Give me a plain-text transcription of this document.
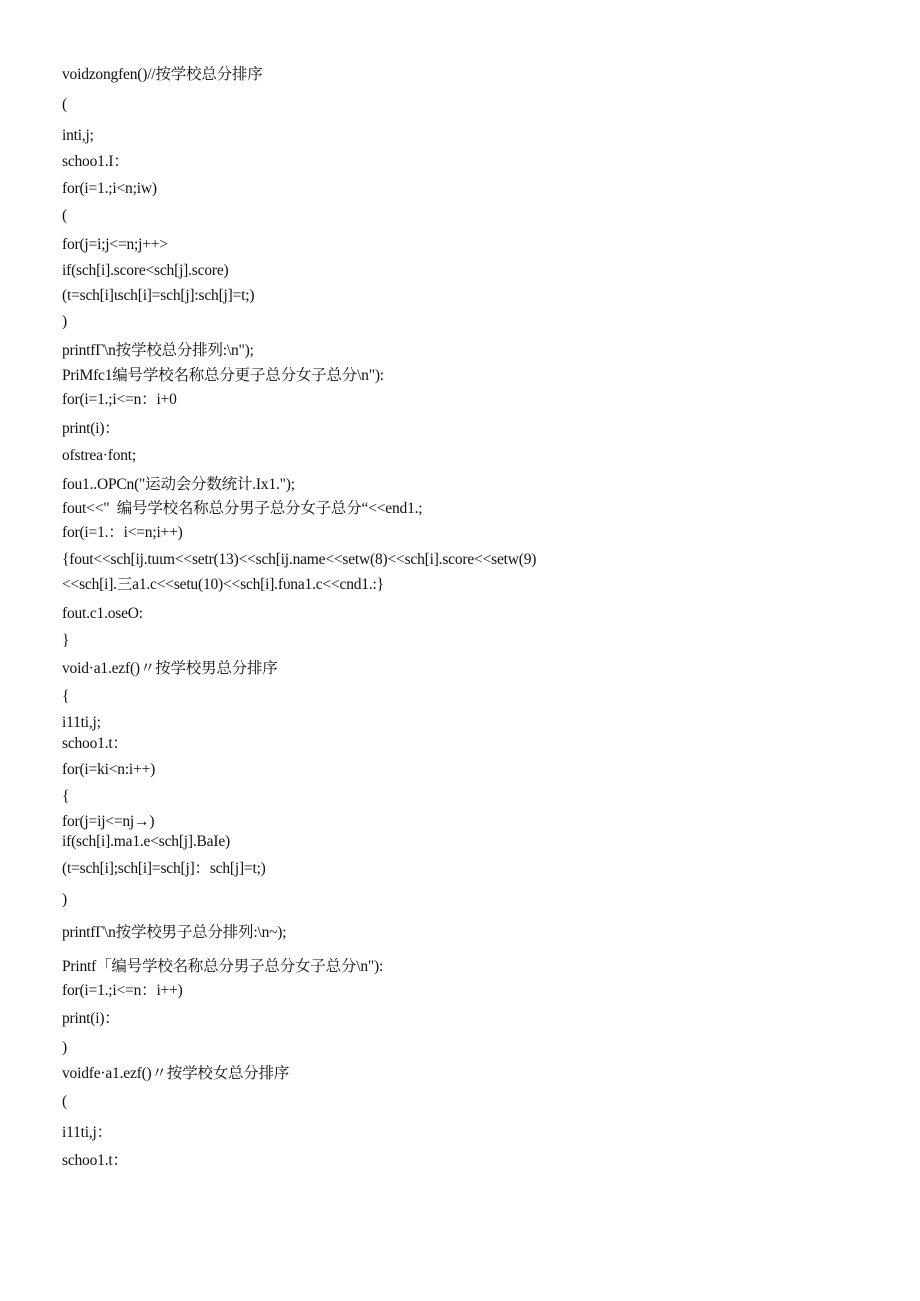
voidzongfen()//按学校总分排序
(
inti,j;
schoo1.I：
for(i=1.;i<n;iw)
(
for(j=i;j<=n;j++>
if(sch[i].score<sch[j].score)
(t=sch[i]ιsch[i]=sch[j]:sch[j]=t;)
)
printfΓ\n按学校总分排列:\n");
PriMfc1编号学校名称总分更子总分女子总分\n"):
for(i=1.;i<=n：i+0
print(i)：
ofstrea·font;
fou1..OPCn("运动会分数统计.Ix1.");
fout<<"  编号学校名称总分男子总分女子总分“<<end1.;
for(i=1.：i<=n;i++)
{fout<<sch[ij.tuιm<<setr(13)<<sch[ij.name<<setw(8)<<sch[i].score<<setw(9)
<<sch[i].三a1.c<<setu(10)<<sch[i].fυna1.c<<cnd1.:}
fout.c1.oseO:
}
void·a1.ezf()〃按学校男总分排序
{
i11ti,j;
schoo1.t：
for(i=ki<n:i++)
{
for(j=ij<=nj→)
if(sch[i].ma1.e<sch[j].BaIe)
(t=sch[i];sch[i]=sch[j]：sch[j]=t;)
)
printfΓ\n按学校男子总分排列:\n~);
Printf「编号学校名称总分男子总分女子总分\n"):
for(i=1.;i<=n：i++)
print(i)：
)
voidfe·a1.ezf()〃按学校女总分排序
(
i11ti,j：
schoo1.t：
